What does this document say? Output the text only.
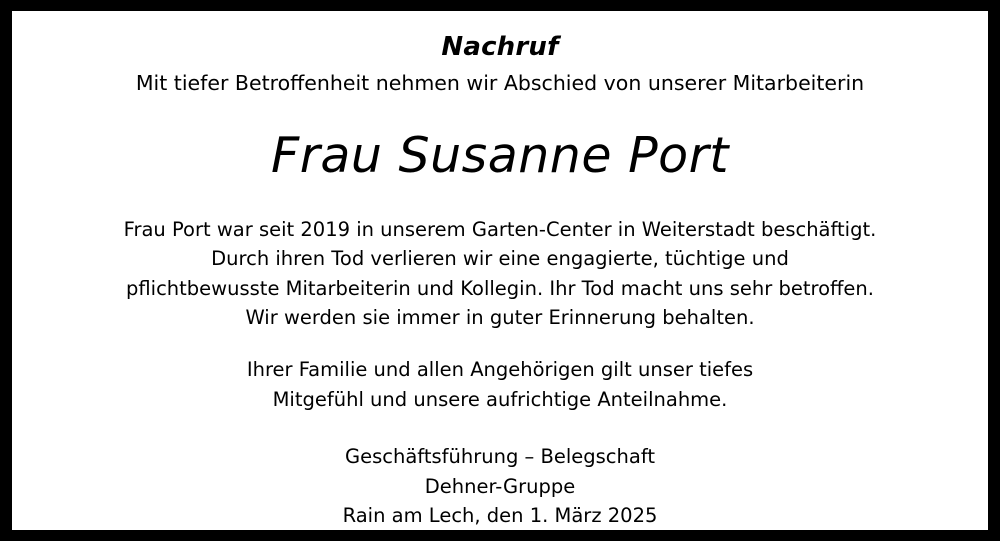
Nachruf
Mit tiefer Betroffenheit nehmen wir Abschied von unserer Mitarbeiterin
Frau Susanne Port
Frau Port war seit 2019 in unserem Garten-Center in Weiterstadt beschäftigt.
Durch ihren Tod verlieren wir eine engagierte, tüchtige und
pflichtbewusste Mitarbeiterin und Kollegin. Ihr Tod macht uns sehr betroffen.
Wir werden sie immer in guter Erinnerung behalten.
Ihrer Familie und allen Angehörigen gilt unser tiefes
Mitgefühl und unsere aufrichtige Anteilnahme.
Geschäftsführung – Belegschaft
Dehner-Gruppe
Rain am Lech, den 1. März 2025
